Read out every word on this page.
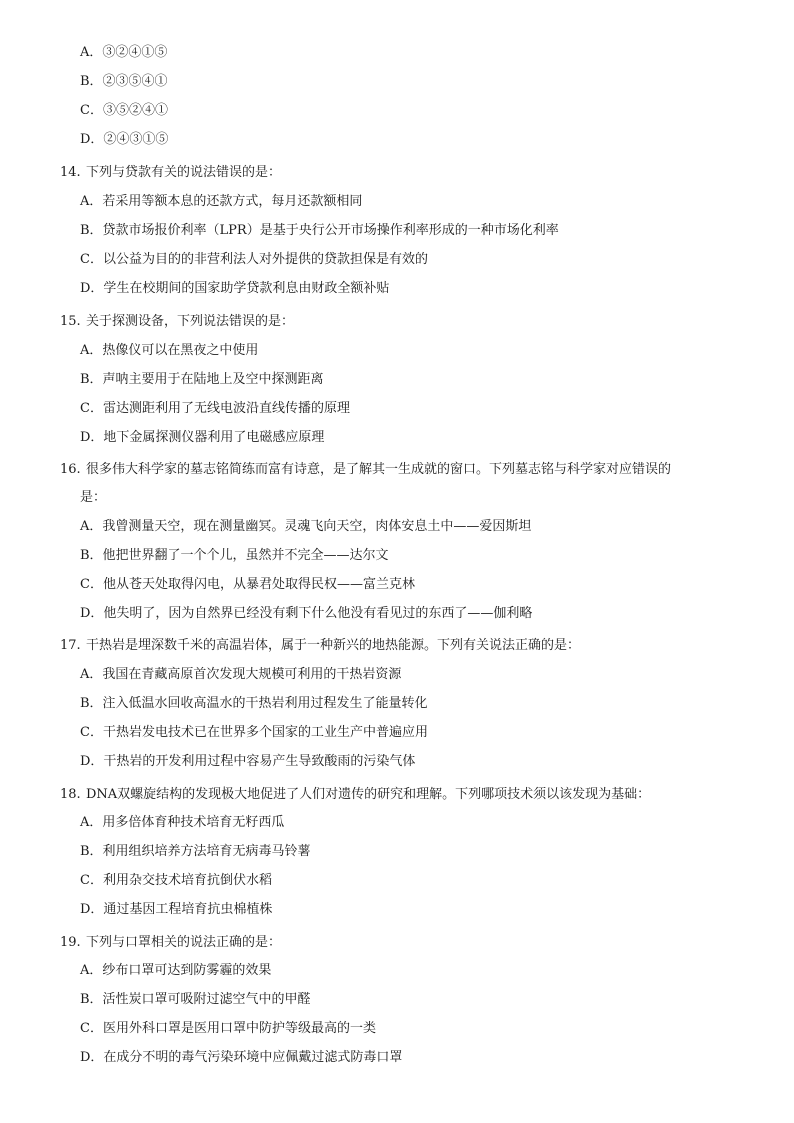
A．③②④①⑤
B．②③⑤④①
C．③⑤②④①
D．②④③①⑤
14. 下列与贷款有关的说法错误的是：
A．若采用等额本息的还款方式，每月还款额相同
B．贷款市场报价利率（LPR）是基于央行公开市场操作利率形成的一种市场化利率
C．以公益为目的的非营利法人对外提供的贷款担保是有效的
D．学生在校期间的国家助学贷款利息由财政全额补贴
15. 关于探测设备，下列说法错误的是：
A．热像仪可以在黑夜之中使用
B．声呐主要用于在陆地上及空中探测距离
C．雷达测距利用了无线电波沿直线传播的原理
D．地下金属探测仪器利用了电磁感应原理
16. 很多伟大科学家的墓志铭简练而富有诗意，是了解其一生成就的窗口。下列墓志铭与科学家对应错误的
是：
A．我曾测量天空，现在测量幽冥。灵魂飞向天空，肉体安息土中——爱因斯坦
B．他把世界翻了一个个儿，虽然并不完全——达尔文
C．他从苍天处取得闪电，从暴君处取得民权——富兰克林
D．他失明了，因为自然界已经没有剩下什么他没有看见过的东西了——伽利略
17. 干热岩是埋深数千米的高温岩体，属于一种新兴的地热能源。下列有关说法正确的是：
A．我国在青藏高原首次发现大规模可利用的干热岩资源
B．注入低温水回收高温水的干热岩利用过程发生了能量转化
C．干热岩发电技术已在世界多个国家的工业生产中普遍应用
D．干热岩的开发利用过程中容易产生导致酸雨的污染气体
18. DNA双螺旋结构的发现极大地促进了人们对遗传的研究和理解。下列哪项技术须以该发现为基础：
A．用多倍体育种技术培育无籽西瓜
B．利用组织培养方法培育无病毒马铃薯
C．利用杂交技术培育抗倒伏水稻
D．通过基因工程培育抗虫棉植株
19. 下列与口罩相关的说法正确的是：
A．纱布口罩可达到防雾霾的效果
B．活性炭口罩可吸附过滤空气中的甲醛
C．医用外科口罩是医用口罩中防护等级最高的一类
D．在成分不明的毒气污染环境中应佩戴过滤式防毒口罩
